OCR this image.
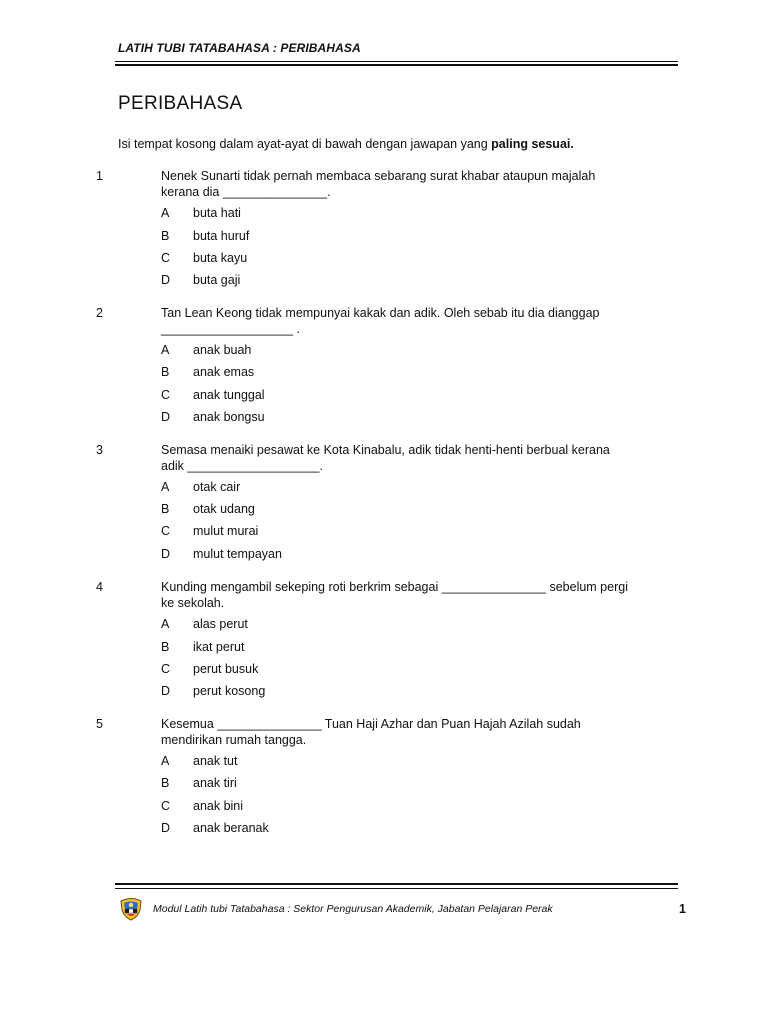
LATIH TUBI TATABAHASA : PERIBAHASA
PERIBAHASA
Isi tempat kosong dalam ayat-ayat di bawah dengan jawapan yang paling sesuai.
1	Nenek Sunarti tidak pernah membaca sebarang surat khabar ataupun majalah kerana dia _______________.
A buta hati
B buta huruf
C buta kayu
D buta gaji
2	Tan Lean Keong tidak mempunyai kakak dan adik. Oleh sebab itu dia dianggap ___________________ .
A anak buah
B anak emas
C anak tunggal
D anak bongsu
3	Semasa menaiki pesawat ke Kota Kinabalu, adik tidak henti-henti berbual kerana adik ___________________.
A otak cair
B otak udang
C mulut murai
D mulut tempayan
4	Kunding mengambil sekeping roti berkrim sebagai _______________ sebelum pergi ke sekolah.
A alas perut
B ikat perut
C perut busuk
D perut kosong
5	Kesemua _______________ Tuan Haji Azhar dan Puan Hajah Azilah sudah mendirikan rumah tangga.
A anak tut
B anak tiri
C anak bini
D anak beranak
Modul Latih tubi Tatabahasa : Sektor Pengurusan Akademik, Jabatan Pelajaran Perak	1
